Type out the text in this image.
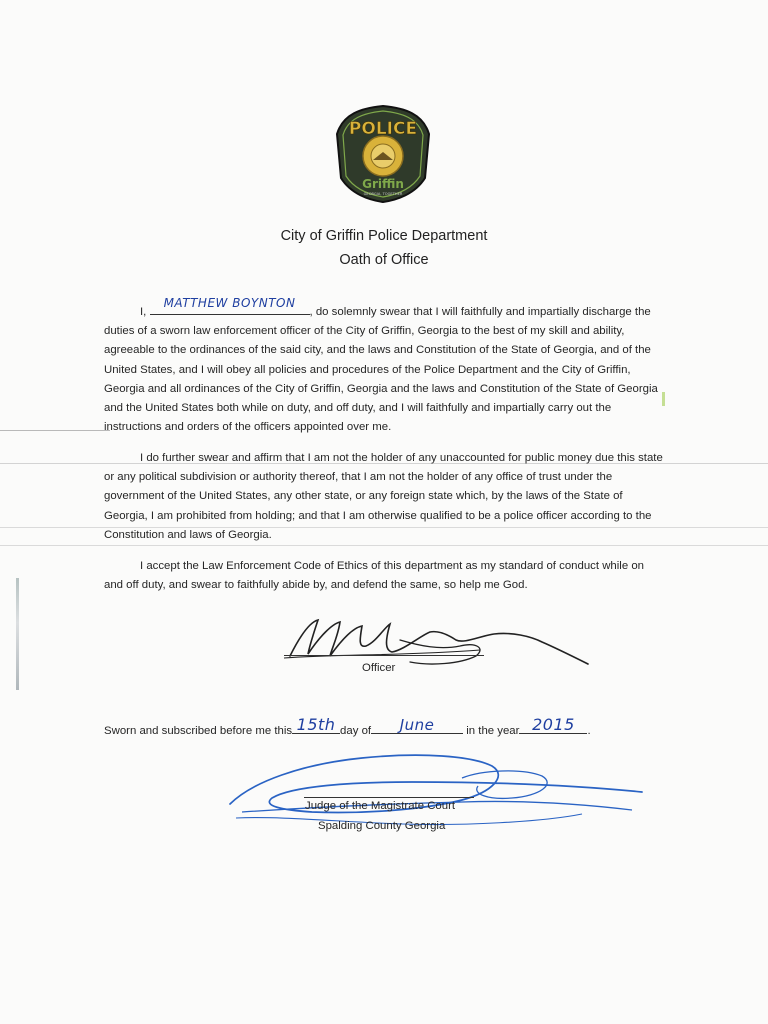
POLICE
Griffin
GEORGIA, TOGETHER
City of Griffin Police Department
Oath of Office

I,
MATTHEW BOYNTON
, do solemnly swear that I will faithfully and impartially discharge the duties of a sworn law enforcement officer of the City of Griffin, Georgia to the best of my skill and ability, agreeable to the ordinances of the said city, and the laws and Constitution of the State of Georgia, and of the United States, and I will obey all policies and procedures of the Police Department and the City of Griffin, Georgia and all ordinances of the City of Griffin, Georgia and the laws and Constitution of the State of Georgia and the United States both while on duty, and off duty, and I will faithfully and impartially carry out the instructions and orders of the officers appointed over me.

I do further swear and affirm that I am not the holder of any unaccounted for public money due this state or any political subdivision or authority thereof, that I am not the holder of any office of trust under the government of the United States, any other state, or any foreign state which, by the laws of the State of Georgia, I am prohibited from holding; and that I am otherwise qualified to be a police officer according to the Constitution and laws of Georgia.

I accept the Law Enforcement Code of Ethics of this department as my standard of conduct while on and off duty, and swear to faithfully abide by, and defend the same, so help me God.

Officer
Sworn and subscribed before me this 15th day of	June	in the year 2015	.
Judge of the Magistrate Court
Spalding County Georgia
